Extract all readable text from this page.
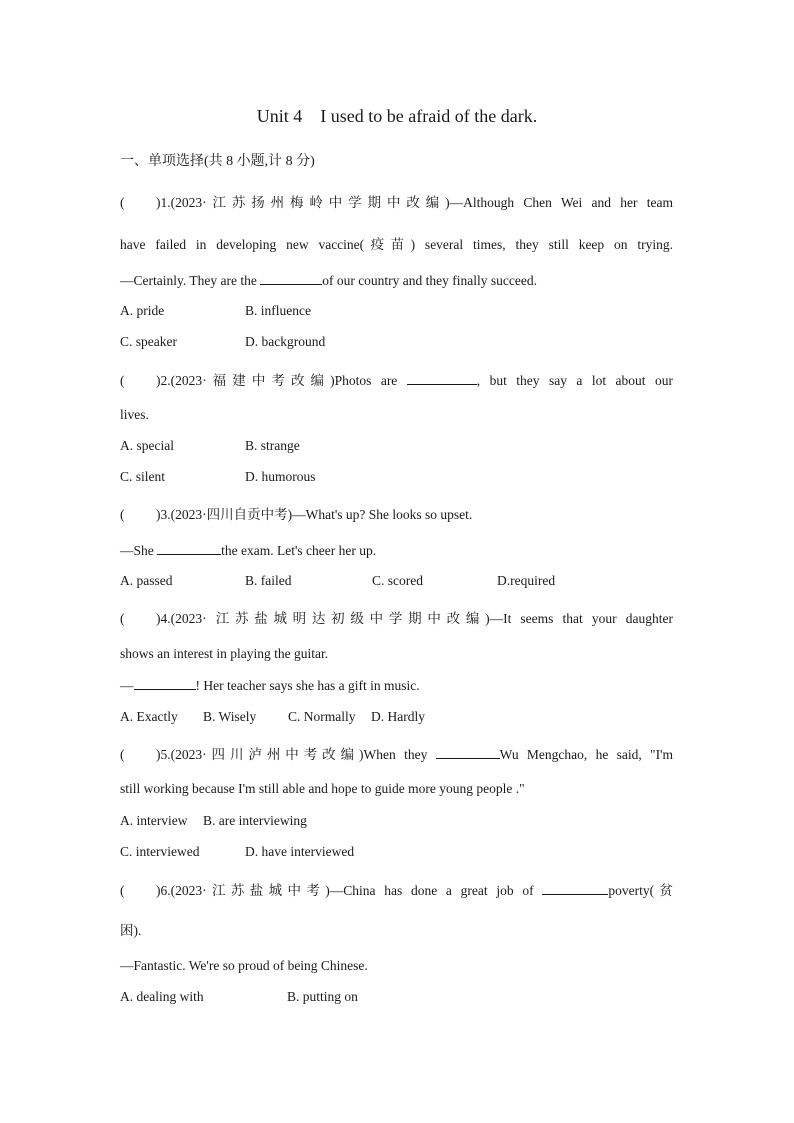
Unit 4    I used to be afraid of the dark.
一、单项选择(共 8 小题,计 8 分)
( )1.(2023·江苏扬州梅岭中学期中改编)—Although Chen Wei and her team
have failed in developing new vaccine(疫苗) several times, they still keep on trying.
—Certainly. They are the	of our country and they finally succeed.
A. pride	B. influence
C. speaker	D. background
( )2.(2023·福建中考改编)Photos are	, but they say a lot about our
lives.
A. special	B. strange
C. silent	D. humorous
( )3.(2023·四川自贡中考)—What's up? She looks so upset.
—She	the exam. Let's cheer her up.
A. passed	B. failed	C. scored	D.required
( )4.(2023· 江苏盐城明达初级中学期中改编)—It seems that your daughter
shows an interest in playing the guitar.
—	! Her teacher says she has a gift in music.
A. Exactly B. Wisely C. Normally D. Hardly
( )5.(2023·四川泸州中考改编)When they	Wu Mengchao, he said, "I'm
still working because I'm still able and hope to guide more young people ."
A. interview B. are interviewing
C. interviewed	D. have interviewed
( )6.(2023·江苏盐城中考)—China has done a great job of	poverty(贫
困).
—Fantastic. We're so proud of being Chinese.
A. dealing with	B. putting on
